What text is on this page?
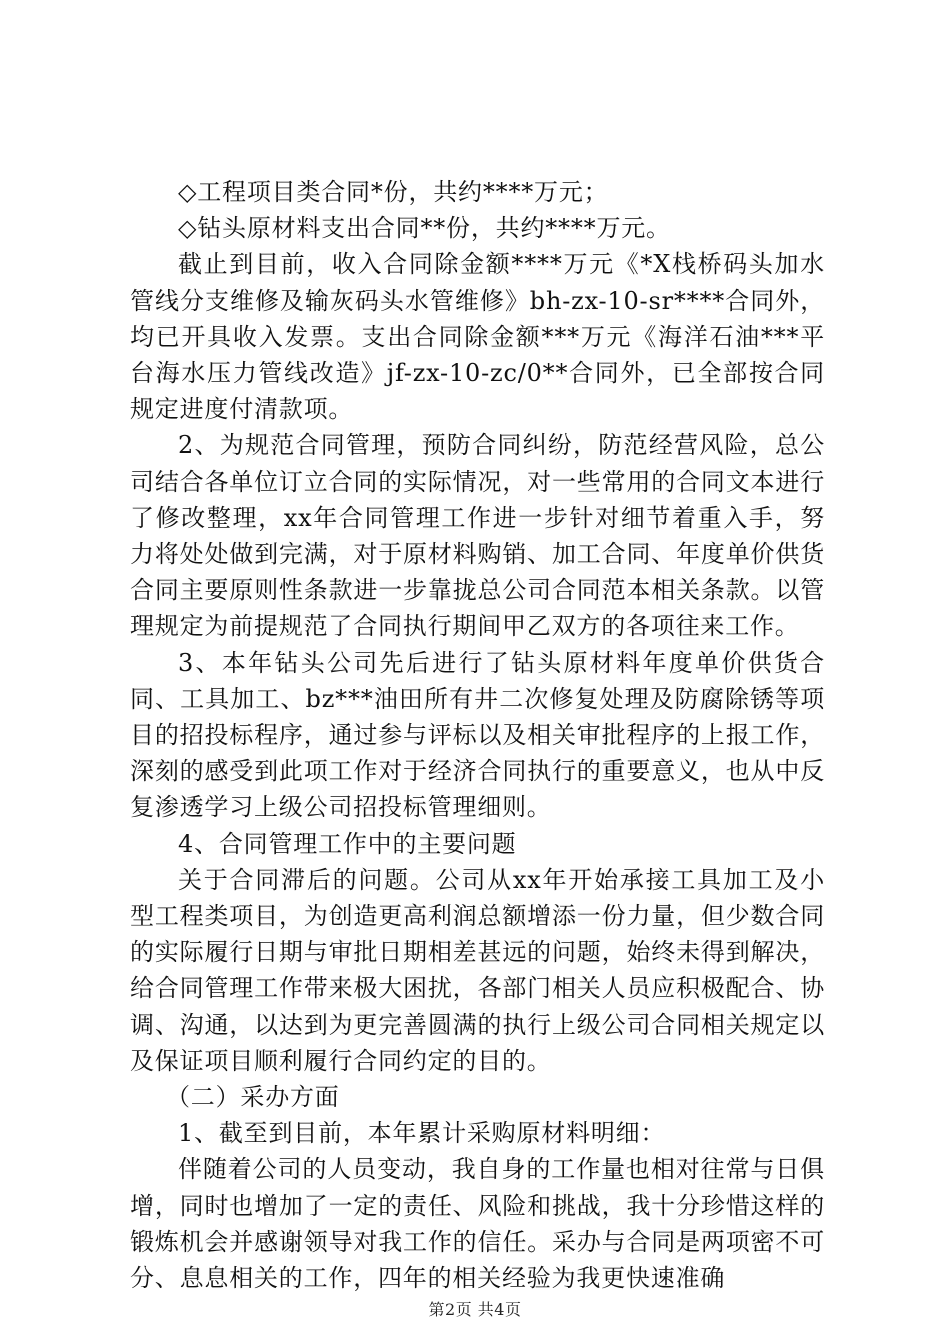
◇工程项目类合同*份，共约****万元；

◇钻头原材料支出合同**份，共约****万元。

截止到目前，收入合同除金额****万元《*X栈桥码头加水管线分支维修及输灰码头水管维修》bh-zx-10-sr****合同外，均已开具收入发票。支出合同除金额***万元《海洋石油***平台海水压力管线改造》jf-zx-10-zc/0**合同外，已全部按合同规定进度付清款项。

2、为规范合同管理，预防合同纠纷，防范经营风险，总公司结合各单位订立合同的实际情况，对一些常用的合同文本进行了修改整理，xx年合同管理工作进一步针对细节着重入手，努力将处处做到完满，对于原材料购销、加工合同、年度单价供货合同主要原则性条款进一步靠拢总公司合同范本相关条款。以管理规定为前提规范了合同执行期间甲乙双方的各项往来工作。

3、本年钻头公司先后进行了钻头原材料年度单价供货合同、工具加工、bz***油田所有井二次修复处理及防腐除锈等项目的招投标程序，通过参与评标以及相关审批程序的上报工作，深刻的感受到此项工作对于经济合同执行的重要意义，也从中反复渗透学习上级公司招投标管理细则。

4、合同管理工作中的主要问题

关于合同滞后的问题。公司从xx年开始承接工具加工及小型工程类项目，为创造更高利润总额增添一份力量，但少数合同的实际履行日期与审批日期相差甚远的问题，始终未得到解决，给合同管理工作带来极大困扰，各部门相关人员应积极配合、协调、沟通，以达到为更完善圆满的执行上级公司合同相关规定以及保证项目顺利履行合同约定的目的。

（二）采办方面

1、截至到目前，本年累计采购原材料明细：

伴随着公司的人员变动，我自身的工作量也相对往常与日俱增，同时也增加了一定的责任、风险和挑战，我十分珍惜这样的锻炼机会并感谢领导对我工作的信任。采办与合同是两项密不可分、息息相关的工作，四年的相关经验为我更快速准确

第2页 共4页
